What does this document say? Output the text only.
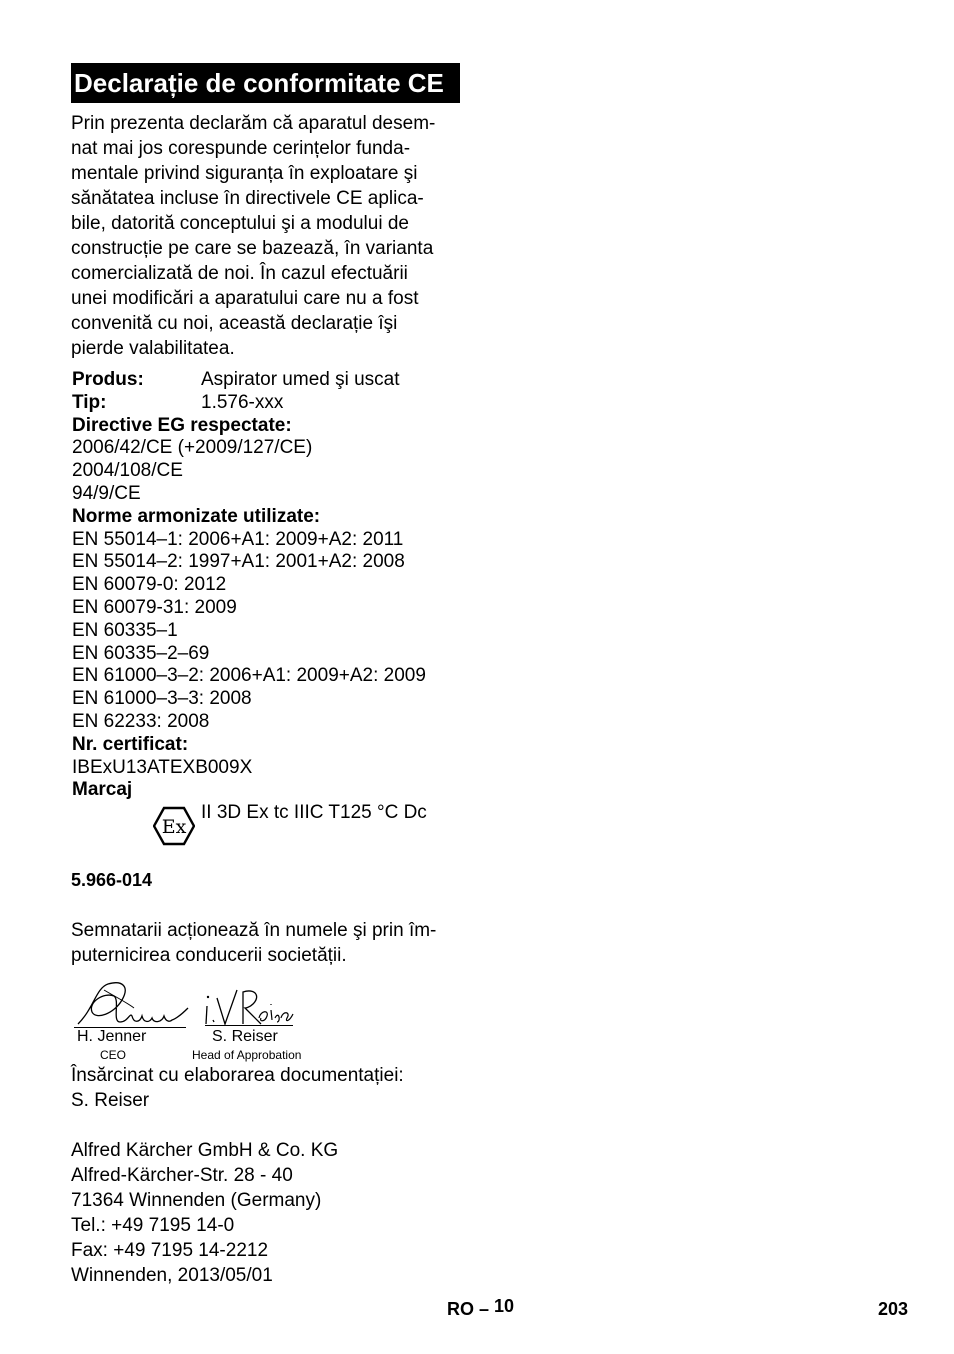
Declarație de conformitate CE
Prin prezenta declarăm că aparatul desem-
nat mai jos corespunde cerințelor funda-
mentale privind siguranța în exploatare şi
sănătatea incluse în directivele CE aplica-
bile, datorită conceptului şi a modului de
construcție pe care se bazează, în varianta
comercializată de noi. În cazul efectuării
unei modificări a aparatului care nu a fost
convenită cu noi, această declarație îşi
pierde valabilitatea.
Produs:	Aspirator umed şi uscat
Tip:	1.576-xxx
Directive EG respectate:
2006/42/CE (+2009/127/CE)
2004/108/CE
94/9/CE
Norme armonizate utilizate:
EN 55014–1: 2006+A1: 2009+A2: 2011
EN 55014–2: 1997+A1: 2001+A2: 2008
EN 60079-0: 2012
EN 60079-31: 2009
EN 60335–1
EN 60335–2–69
EN 61000–3–2: 2006+A1: 2009+A2: 2009
EN 61000–3–3: 2008
EN 62233: 2008
Nr. certificat:
IBExU13ATEXB009X
Marcaj
Ex
II 3D Ex tc IIIC T125 °C Dc
5.966-014
Semnatarii acționează în numele şi prin îm-
puternicirea conducerii societății.
H. Jenner
CEO
S. Reiser
Head of Approbation
Însărcinat cu elaborarea documentației:
S. Reiser
Alfred Kärcher GmbH & Co. KG
Alfred-Kärcher-Str. 28 - 40
71364 Winnenden (Germany)
Tel.: +49 7195 14-0
Fax: +49 7195 14-2212
Winnenden, 2013/05/01
RO – 10	203
